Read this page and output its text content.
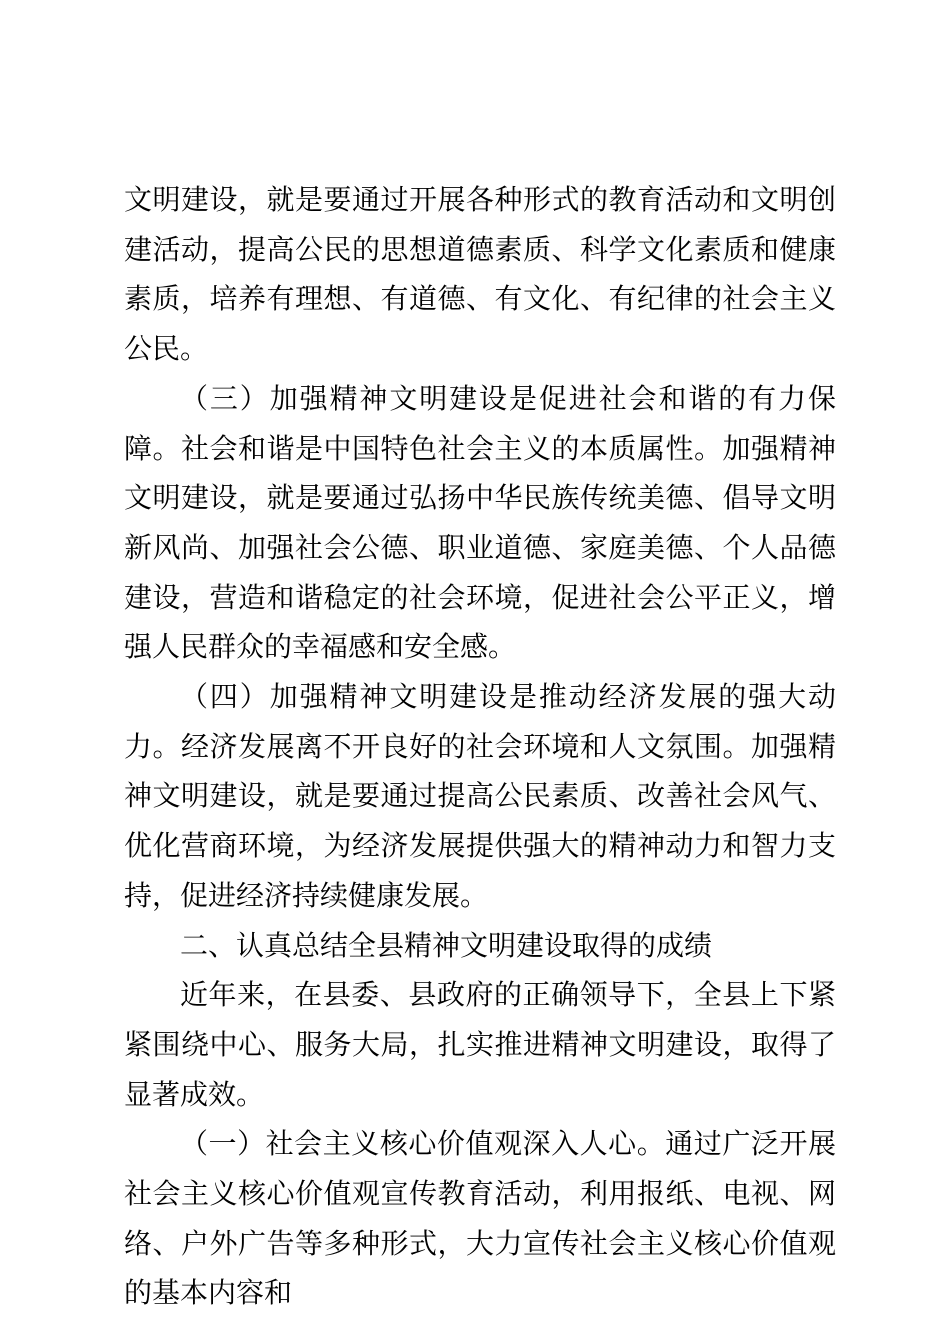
文明建设，就是要通过开展各种形式的教育活动和文明创建活动，提高公民的思想道德素质、科学文化素质和健康素质，培养有理想、有道德、有文化、有纪律的社会主义公民。

（三）加强精神文明建设是促进社会和谐的有力保障。社会和谐是中国特色社会主义的本质属性。加强精神文明建设，就是要通过弘扬中华民族传统美德、倡导文明新风尚、加强社会公德、职业道德、家庭美德、个人品德建设，营造和谐稳定的社会环境，促进社会公平正义，增强人民群众的幸福感和安全感。

（四）加强精神文明建设是推动经济发展的强大动力。经济发展离不开良好的社会环境和人文氛围。加强精神文明建设，就是要通过提高公民素质、改善社会风气、优化营商环境，为经济发展提供强大的精神动力和智力支持，促进经济持续健康发展。

二、认真总结全县精神文明建设取得的成绩

近年来，在县委、县政府的正确领导下，全县上下紧紧围绕中心、服务大局，扎实推进精神文明建设，取得了显著成效。

（一）社会主义核心价值观深入人心。通过广泛开展社会主义核心价值观宣传教育活动，利用报纸、电视、网络、户外广告等多种形式，大力宣传社会主义核心价值观的基本内容和
